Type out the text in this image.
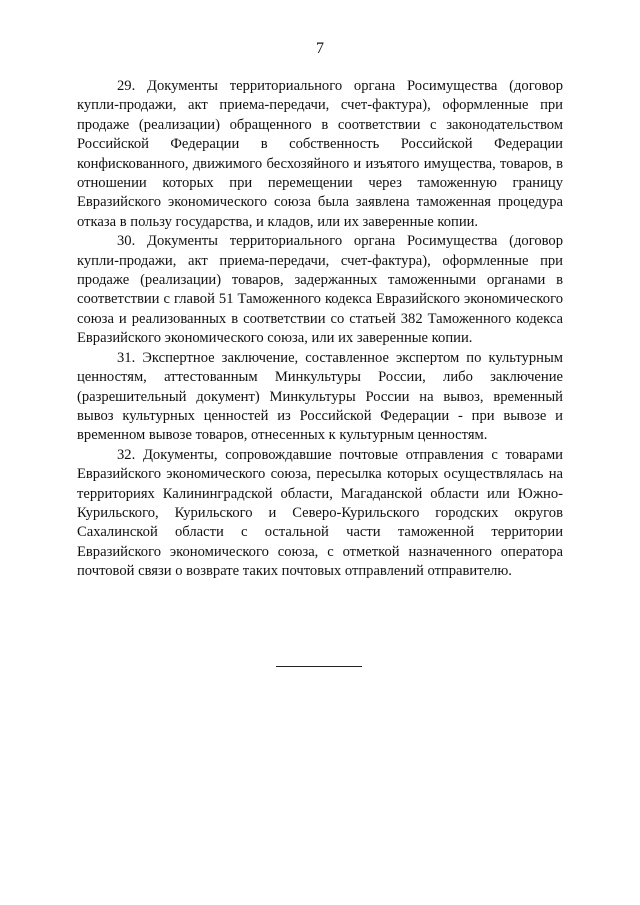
7

29. Документы территориального органа Росимущества (договор купли-продажи, акт приема-передачи, счет-фактура), оформленные при продаже (реализации) обращенного в соответствии с законодательством Российской Федерации в собственность Российской Федерации конфискованного, движимого бесхозяйного и изъятого имущества, товаров, в отношении которых при перемещении через таможенную границу Евразийского экономического союза была заявлена таможенная процедура отказа в пользу государства, и кладов, или их заверенные копии.

30. Документы территориального органа Росимущества (договор купли-продажи, акт приема-передачи, счет-фактура), оформленные при продаже (реализации) товаров, задержанных таможенными органами в соответствии с главой 51 Таможенного кодекса Евразийского экономического союза и реализованных в соответствии со статьей 382 Таможенного кодекса Евразийского экономического союза, или их заверенные копии.

31. Экспертное заключение, составленное экспертом по культурным ценностям, аттестованным Минкультуры России, либо заключение (разрешительный документ) Минкультуры России на вывоз, временный вывоз культурных ценностей из Российской Федерации - при вывозе и временном вывозе товаров, отнесенных к культурным ценностям.

32. Документы, сопровождавшие почтовые отправления с товарами Евразийского экономического союза, пересылка которых осуществлялась на территориях Калининградской области, Магаданской области или Южно-Курильского, Курильского и Северо-Курильского городских округов Сахалинской области с остальной части таможенной территории Евразийского экономического союза, с отметкой назначенного оператора почтовой связи о возврате таких почтовых отправлений отправителю.
